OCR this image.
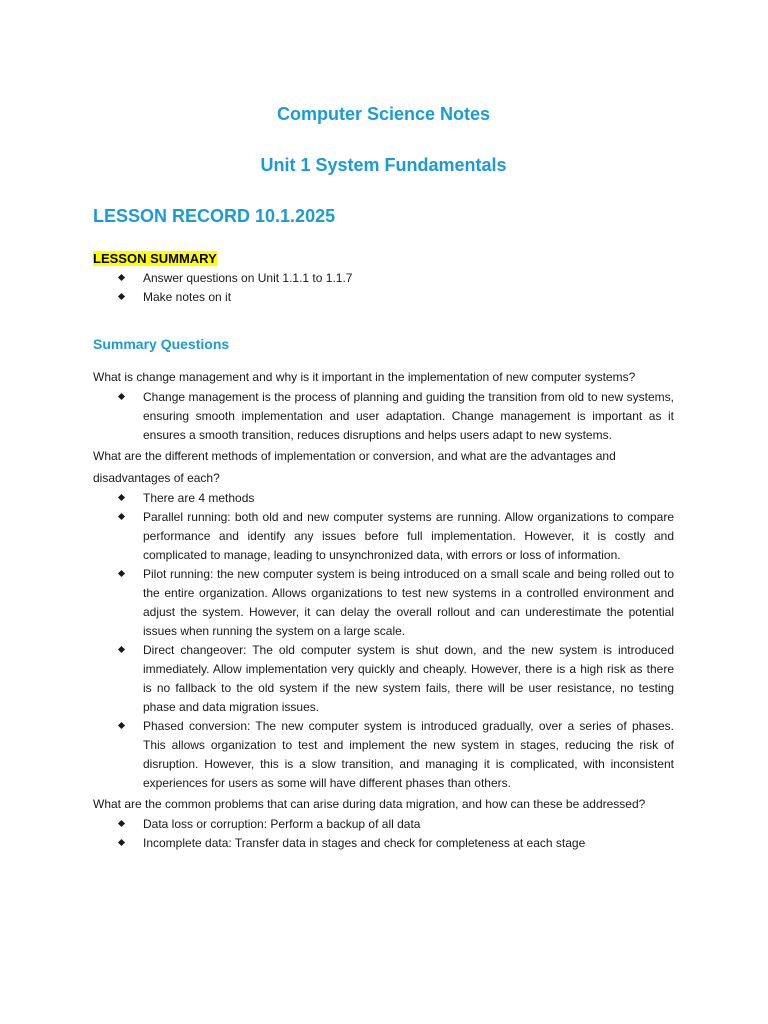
Computer Science Notes
Unit 1 System Fundamentals
LESSON RECORD 10.1.2025
LESSON SUMMARY
Answer questions on Unit 1.1.1 to 1.1.7
Make notes on it
Summary Questions

What is change management and why is it important in the implementation of new computer systems?

Change management is the process of planning and guiding the transition from old to new systems, ensuring smooth implementation and user adaptation. Change management is important as it ensures a smooth transition, reduces disruptions and helps users adapt to new systems.

What are the different methods of implementation or conversion, and what are the advantages and disadvantages of each?

There are 4 methods
Parallel running: both old and new computer systems are running. Allow organizations to compare performance and identify any issues before full implementation. However, it is costly and complicated to manage, leading to unsynchronized data, with errors or loss of information.
Pilot running: the new computer system is being introduced on a small scale and being rolled out to the entire organization. Allows organizations to test new systems in a controlled environment and adjust the system. However, it can delay the overall rollout and can underestimate the potential issues when running the system on a large scale.
Direct changeover: The old computer system is shut down, and the new system is introduced immediately. Allow implementation very quickly and cheaply. However, there is a high risk as there is no fallback to the old system if the new system fails, there will be user resistance, no testing phase and data migration issues.
Phased conversion: The new computer system is introduced gradually, over a series of phases. This allows organization to test and implement the new system in stages, reducing the risk of disruption. However, this is a slow transition, and managing it is complicated, with inconsistent experiences for users as some will have different phases than others.

What are the common problems that can arise during data migration, and how can these be addressed?

Data loss or corruption: Perform a backup of all data
Incomplete data: Transfer data in stages and check for completeness at each stage
